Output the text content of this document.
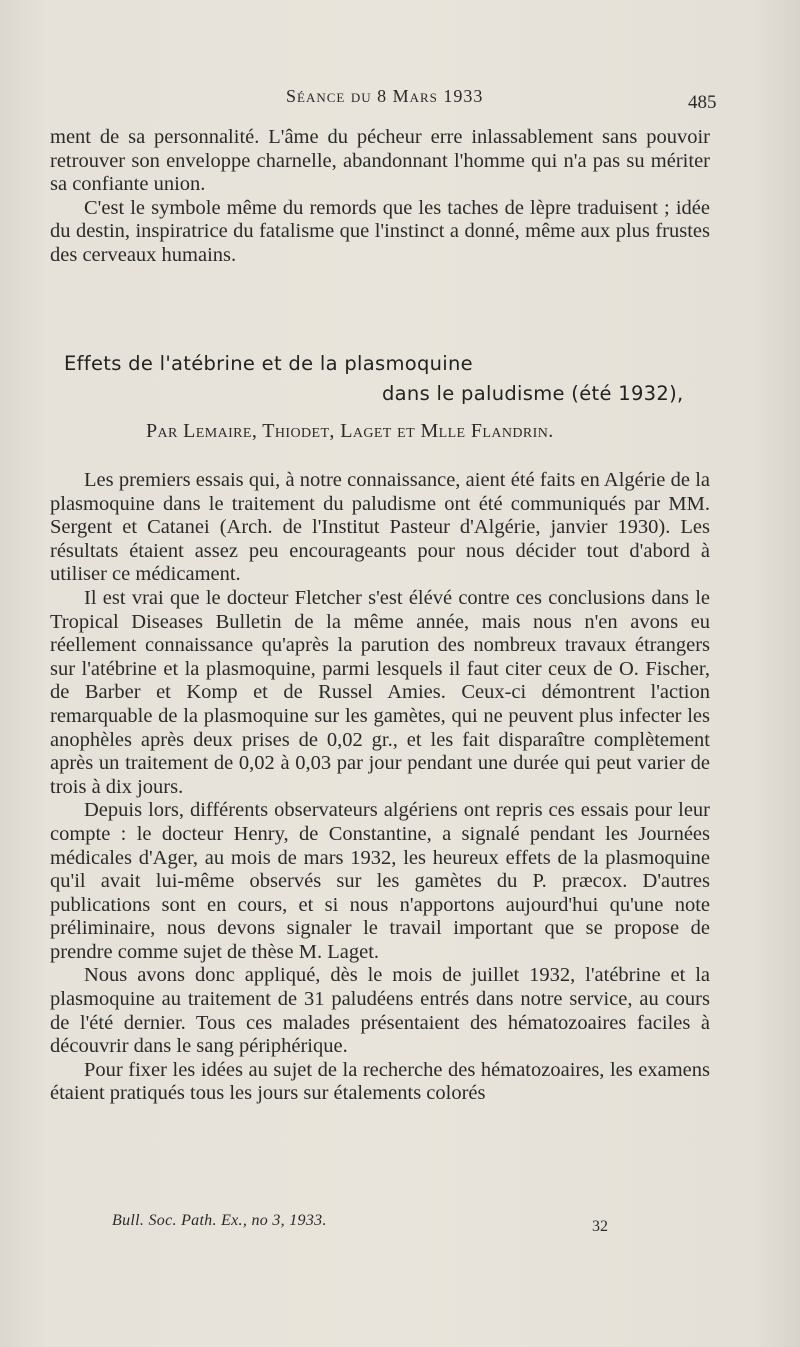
Séance du 8 Mars 1933	485

ment de sa personnalité. L'âme du pécheur erre inlassablement sans pouvoir retrouver son enveloppe charnelle, abandonnant l'homme qui n'a pas su mériter sa confiante union.

C'est le symbole même du remords que les taches de lèpre traduisent ; idée du destin, inspiratrice du fatalisme que l'instinct a donné, même aux plus frustes des cerveaux humains.

Effets de l'atébrine et de la plasmoquine
dans le paludisme (été 1932),
Par Lemaire, Thiodet, Laget et Mlle Flandrin.

Les premiers essais qui, à notre connaissance, aient été faits en Algérie de la plasmoquine dans le traitement du paludisme ont été communiqués par MM. Sergent et Catanei (Arch. de l'Institut Pasteur d'Algérie, janvier 1930). Les résultats étaient assez peu encourageants pour nous décider tout d'abord à utiliser ce médicament.

Il est vrai que le docteur Fletcher s'est élévé contre ces conclusions dans le Tropical Diseases Bulletin de la même année, mais nous n'en avons eu réellement connaissance qu'après la parution des nombreux travaux étrangers sur l'atébrine et la plasmoquine, parmi lesquels il faut citer ceux de O. Fischer, de Barber et Komp et de Russel Amies. Ceux-ci démontrent l'action remarquable de la plasmoquine sur les gamètes, qui ne peuvent plus infecter les anophèles après deux prises de 0,02 gr., et les fait disparaître complètement après un traitement de 0,02 à 0,03 par jour pendant une durée qui peut varier de trois à dix jours.

Depuis lors, différents observateurs algériens ont repris ces essais pour leur compte : le docteur Henry, de Constantine, a signalé pendant les Journées médicales d'Ager, au mois de mars 1932, les heureux effets de la plasmoquine qu'il avait lui-même observés sur les gamètes du P. præcox. D'autres publications sont en cours, et si nous n'apportons aujourd'hui qu'une note préliminaire, nous devons signaler le travail important que se propose de prendre comme sujet de thèse M. Laget.

Nous avons donc appliqué, dès le mois de juillet 1932, l'atébrine et la plasmoquine au traitement de 31 paludéens entrés dans notre service, au cours de l'été dernier. Tous ces malades présentaient des hématozoaires faciles à découvrir dans le sang périphérique.

Pour fixer les idées au sujet de la recherche des hématozoaires, les examens étaient pratiqués tous les jours sur étalements colorés

Bull. Soc. Path. Ex., no 3, 1933.	32
